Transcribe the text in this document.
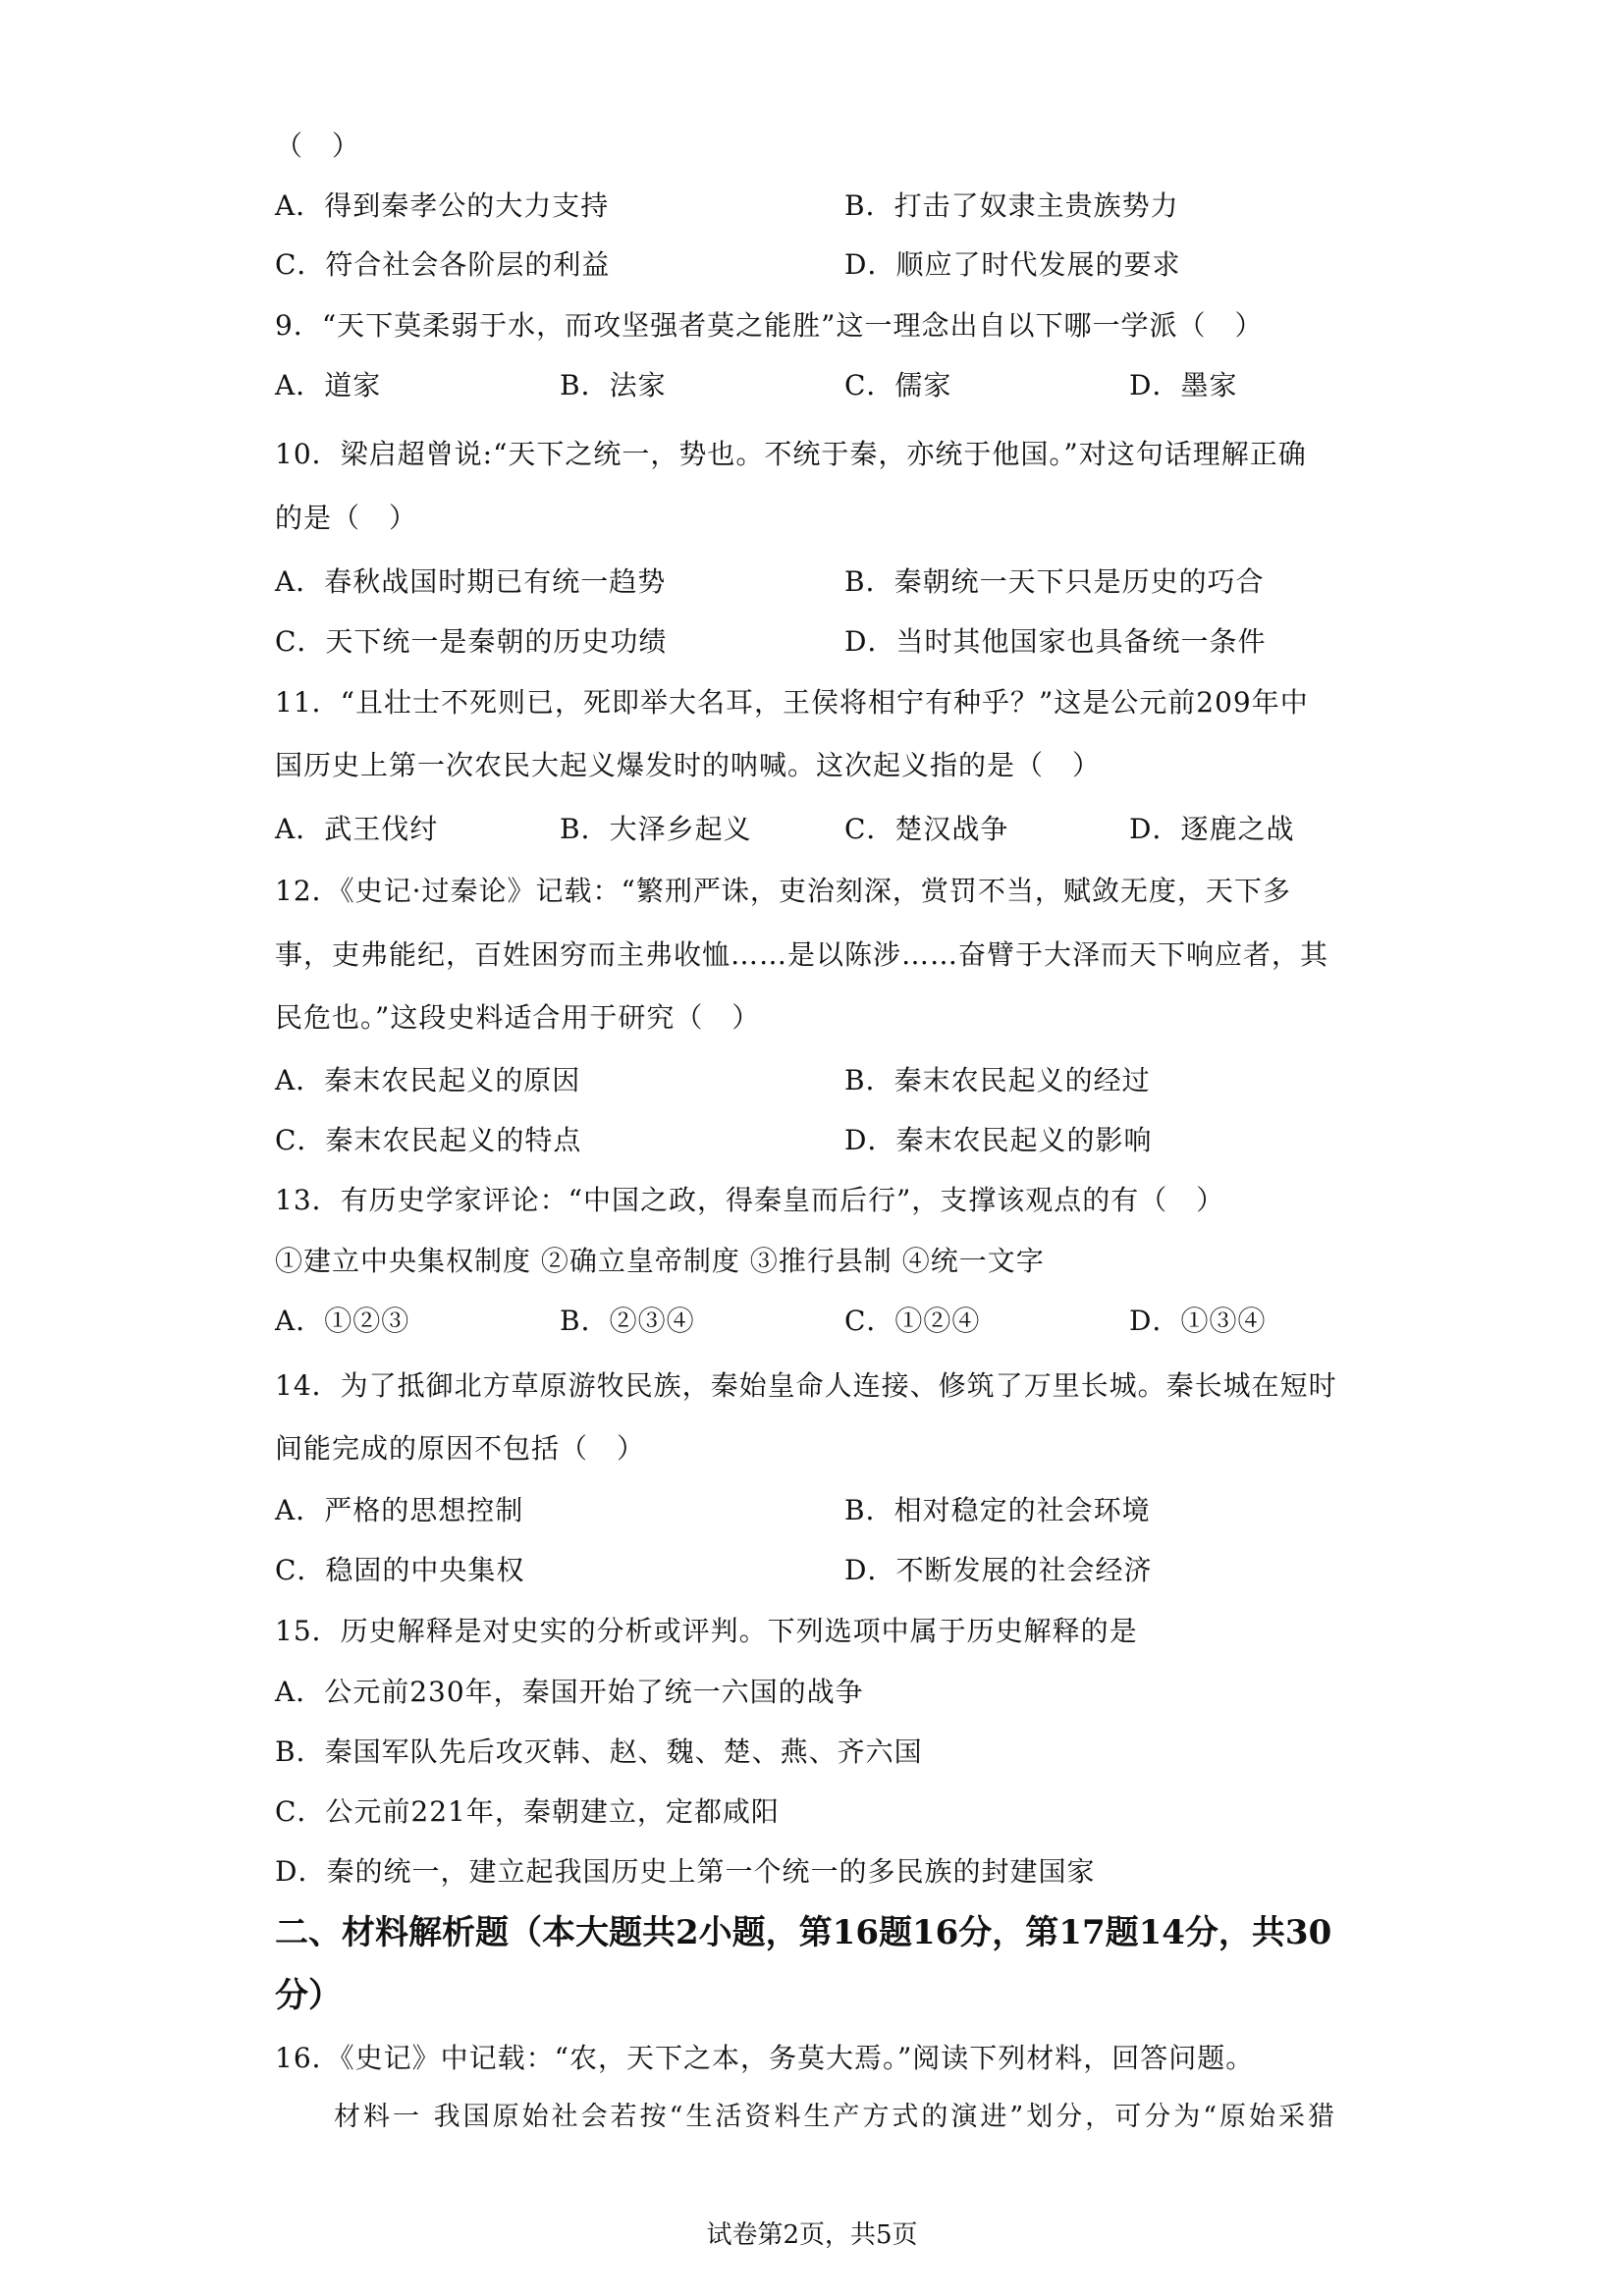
（　）
A．得到秦孝公的大力支持	B．打击了奴隶主贵族势力
C．符合社会各阶层的利益	D．顺应了时代发展的要求
9．“天下莫柔弱于水，而攻坚强者莫之能胜”这一理念出自以下哪一学派（　）
A．道家	B．法家	C．儒家	D．墨家
10．梁启超曾说:“天下之统一，势也。不统于秦，亦统于他国。”对这句话理解正确
的是（　）
A．春秋战国时期已有统一趋势	B．秦朝统一天下只是历史的巧合
C．天下统一是秦朝的历史功绩	D．当时其他国家也具备统一条件
11．“且壮士不死则已，死即举大名耳，王侯将相宁有种乎？”这是公元前209年中
国历史上第一次农民大起义爆发时的呐喊。这次起义指的是（　）
A．武王伐纣	B．大泽乡起义	C．楚汉战争	D．逐鹿之战
12．《史记·过秦论》记载：“繁刑严诛，吏治刻深，赏罚不当，赋敛无度，天下多
事，吏弗能纪，百姓困穷而主弗收恤……是以陈涉……奋臂于大泽而天下响应者，其
民危也。”这段史料适合用于研究（　）
A．秦末农民起义的原因	B．秦末农民起义的经过
C．秦末农民起义的特点	D．秦末农民起义的影响
13．有历史学家评论：“中国之政，得秦皇而后行”，支撑该观点的有（　）
①建立中央集权制度 ②确立皇帝制度 ③推行县制 ④统一文字
A．①②③	B．②③④	C．①②④	D．①③④
14．为了抵御北方草原游牧民族，秦始皇命人连接、修筑了万里长城。秦长城在短时
间能完成的原因不包括（　）
A．严格的思想控制	B．相对稳定的社会环境
C．稳固的中央集权	D．不断发展的社会经济
15．历史解释是对史实的分析或评判。下列选项中属于历史解释的是
A．公元前230年，秦国开始了统一六国的战争
B．秦国军队先后攻灭韩、赵、魏、楚、燕、齐六国
C．公元前221年，秦朝建立，定都咸阳
D．秦的统一，建立起我国历史上第一个统一的多民族的封建国家
二、材料解析题（本大题共2小题，第16题16分，第17题14分，共30
分）
16．《史记》中记载：“农，天下之本，务莫大焉。”阅读下列材料，回答问题。
材料一 我国原始社会若按“生活资料生产方式的演进”划分，可分为“原始采猎
试卷第2页，共5页
